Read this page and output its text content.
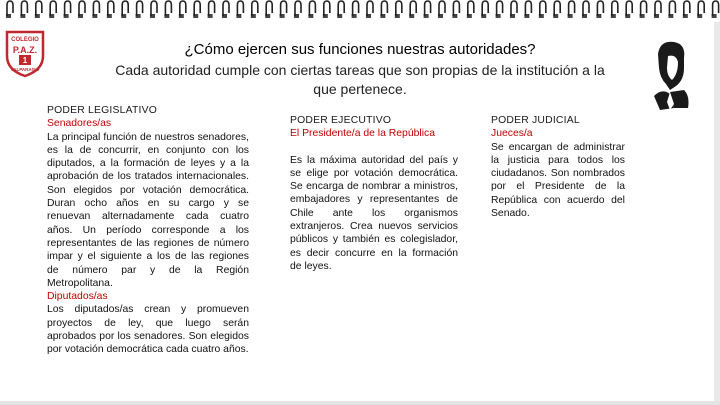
COLEGIO
P.A.Z.
1
VALPARAÍSO
¿Cómo ejercen sus funciones nuestras autoridades?
Cada autoridad cumple con ciertas tareas que son propias de la institución a la
que pertenece.

PODER LEGISLATIVO

Senadores/as

La principal función de nuestros senadores, es la de concurrir, en conjunto con los diputados, a la formación de leyes y a la aprobación de los tratados internacionales. Son elegidos por votación democrática. Duran ocho años en su cargo y se renuevan alternadamente cada cuatro años. Un período corresponde a los representantes de las regiones de número impar y el siguiente a los de las regiones de número par y de la Región Metropolitana.

Diputados/as

Los diputados/as crean y promueven proyectos de ley, que luego serán aprobados por los senadores. Son elegidos por votación democrática cada cuatro años.

PODER EJECUTIVO

El Presidente/a de la República

Es la máxima autoridad del país y se elige por votación democrática. Se encarga de nombrar a ministros, embajadores y representantes de Chile ante los organismos extranjeros. Crea nuevos servicios públicos y también es colegislador, es decir concurre en la formación de leyes.

PODER JUDICIAL

Jueces/a

Se encargan de administrar la justicia para todos los ciudadanos. Son nombrados por el Presidente de la República con acuerdo del Senado.
